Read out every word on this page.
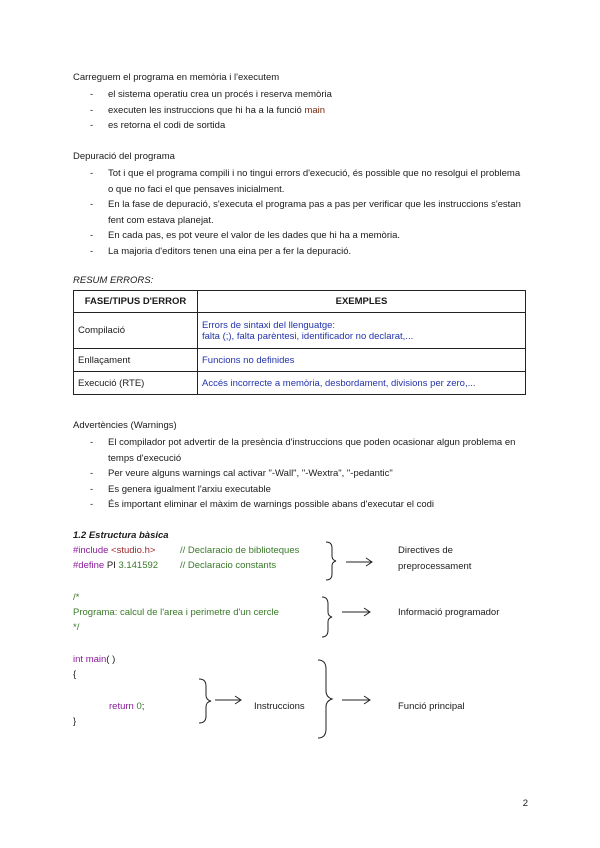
Carreguem el programa en memòria i l'executem
- el sistema operatiu crea un procés i reserva memòria
- executen les instruccions que hi ha a la funció main
- es retorna el codi de sortida
Depuració del programa
- Tot i que el programa compili i no tingui errors d'execució, és possible que no resolgui el problema o que no faci el que pensaves inicialment.
- En la fase de depuració, s'executa el programa pas a pas per verificar que les instruccions s'estan fent com estava planejat.
- En cada pas, es pot veure el valor de les dades que hi ha a memòria.
- La majoria d'editors tenen una eina per a fer la depuració.
RESUM ERRORS:
FASE/TIPUS D'ERROR	EXEMPLES
Compilació	Errors de sintaxi del llenguatge:
falta (;), falta parèntesi, identificador no declarat,...

Enllaçament	Funcions no definides
Execució (RTE)	Accés incorrecte a memòria, desbordament, divisions per zero,...
Advertències (Warnings)
- El compilador pot advertir de la presència d'instruccions que poden ocasionar algun problema en temps d'execució
- Per veure alguns warnings cal activar "-Wall", "-Wextra", "-pedantic"
- Es genera igualment l'arxiu executable
- És important eliminar el màxim de warnings possible abans d'executar el codi
1.2 Estructura bàsica
#include <studio.h>	// Declaracio de biblioteques
#define PI 3.141592 // Declaracio constants
Directives de
preprocessament
/*
Programa: calcul de l'area i perimetre d'un cercle
*/
Informació programador
int main( )
{
return 0;
}
Instruccions	Funció principal
2
